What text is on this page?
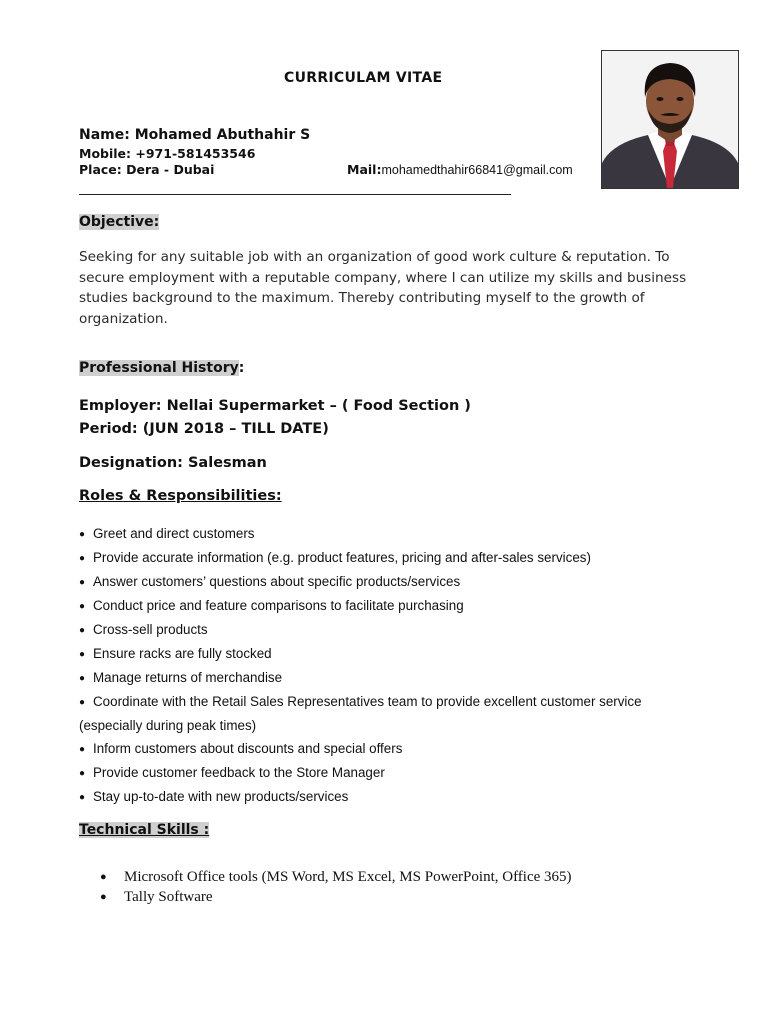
CURRICULAM VITAE
Name: Mohamed Abuthahir S
Mobile: +971-581453546
Place: Dera - Dubai	Mail:mohamedthahir66841@gmail.com
Objective:
Seeking for any suitable job with an organization of good work culture & reputation. To secure employment with a reputable company, where I can utilize my skills and business studies background to the maximum. Thereby contributing myself to the growth of organization.
Professional History:
Employer: Nellai Supermarket – ( Food Section )
Period: (JUN 2018 – TILL DATE)
Designation: Salesman
Roles & Responsibilities:
● Greet and direct customers
● Provide accurate information (e.g. product features, pricing and after-sales services)
● Answer customers’ questions about specific products/services
● Conduct price and feature comparisons to facilitate purchasing
● Cross-sell products
● Ensure racks are fully stocked
● Manage returns of merchandise
● Coordinate with the Retail Sales Representatives team to provide excellent customer service
(especially during peak times)
● Inform customers about discounts and special offers
● Provide customer feedback to the Store Manager
● Stay up-to-date with new products/services
Technical Skills :
● Microsoft Office tools (MS Word, MS Excel, MS PowerPoint, Office 365)
● Tally Software
